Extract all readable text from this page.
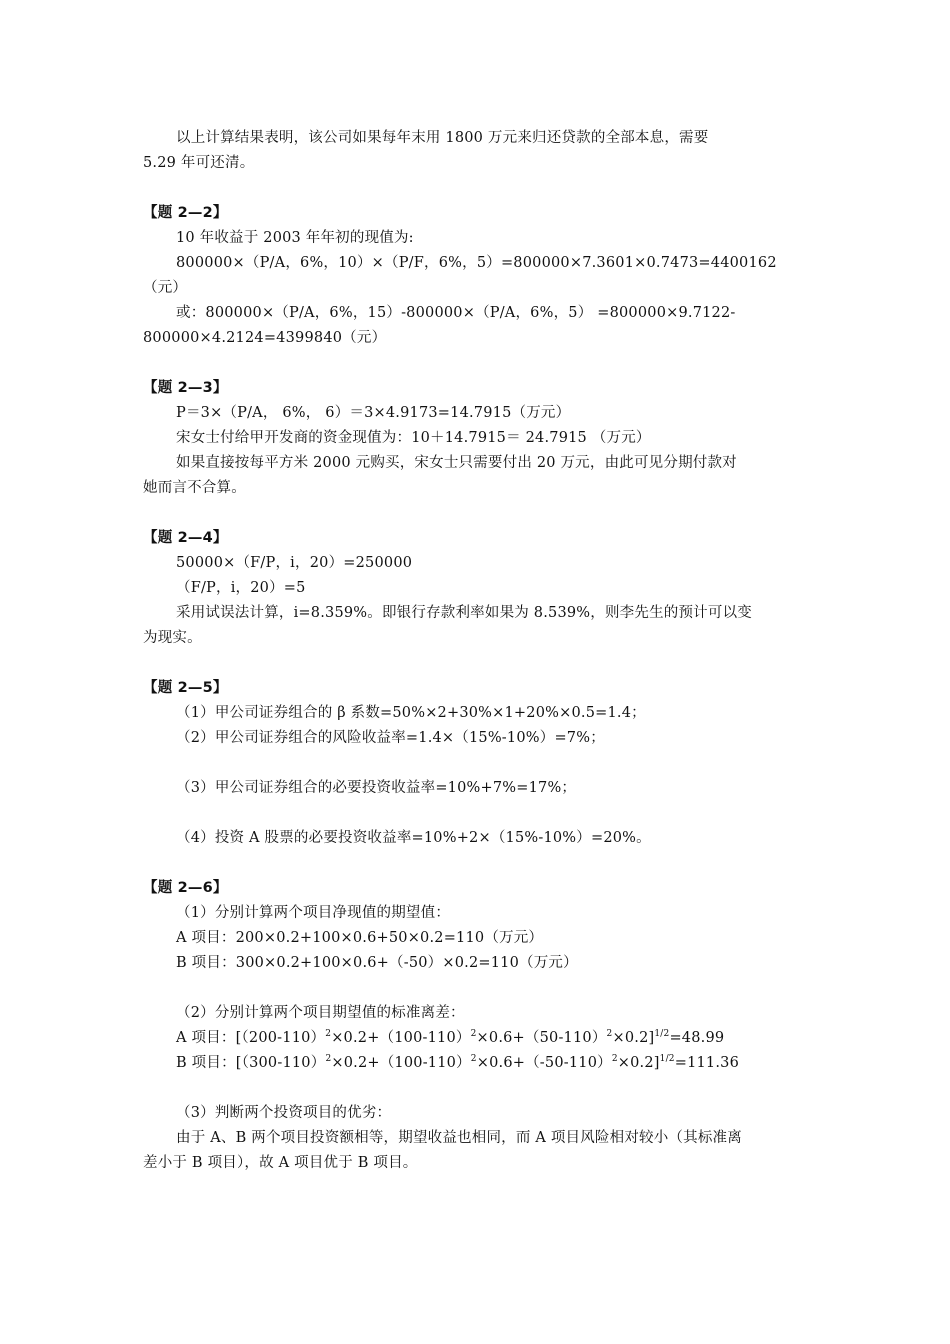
以上计算结果表明，该公司如果每年末用 1800 万元来归还贷款的全部本息，需要
5.29 年可还清。
【题 2—2】
10 年收益于 2003 年年初的现值为:
800000×（P/A，6%，10）×（P/F，6%，5）=800000×7.3601×0.7473=4400162
（元）
或：800000×（P/A，6%，15）-800000×（P/A，6%，5） =800000×9.7122-
800000×4.2124=4399840（元）
【题 2—3】
P＝3×（P/A， 6%， 6）＝3×4.9173=14.7915（万元）
宋女士付给甲开发商的资金现值为：10＋14.7915＝ 24.7915 （万元）
如果直接按每平方米 2000 元购买，宋女士只需要付出 20 万元，由此可见分期付款对
她而言不合算。
【题 2—4】
50000×（F/P，i，20）=250000
（F/P，i，20）=5
采用试误法计算，i=8.359%。即银行存款利率如果为 8.539%，则李先生的预计可以变
为现实。
【题 2—5】
（1）甲公司证券组合的 β 系数=50%×2+30%×1+20%×0.5=1.4；
（2）甲公司证券组合的风险收益率=1.4×（15%-10%）=7%；
（3）甲公司证券组合的必要投资收益率=10%+7%=17%；
（4）投资 A 股票的必要投资收益率=10%+2×（15%-10%）=20%。
【题 2—6】
（1）分别计算两个项目净现值的期望值：
A 项目：200×0.2+100×0.6+50×0.2=110（万元）
B 项目：300×0.2+100×0.6+（-50）×0.2=110（万元）
（2）分别计算两个项目期望值的标准离差：
A 项目：$[(200-110)^2\times 0.2+(100-110)^2\times 0.6+(50-110)^2\times 0.2]^{1/2}=48.99$
B 项目：$[(300-110)^2\times 0.2+(100-110)^2\times 0.6+(-50-110)^2\times 0.2]^{1/2}=111.36$
（3）判断两个投资项目的优劣：
由于 A、B 两个项目投资额相等，期望收益也相同，而 A 项目风险相对较小（其标准离
差小于 B 项目），故 A 项目优于 B 项目。
